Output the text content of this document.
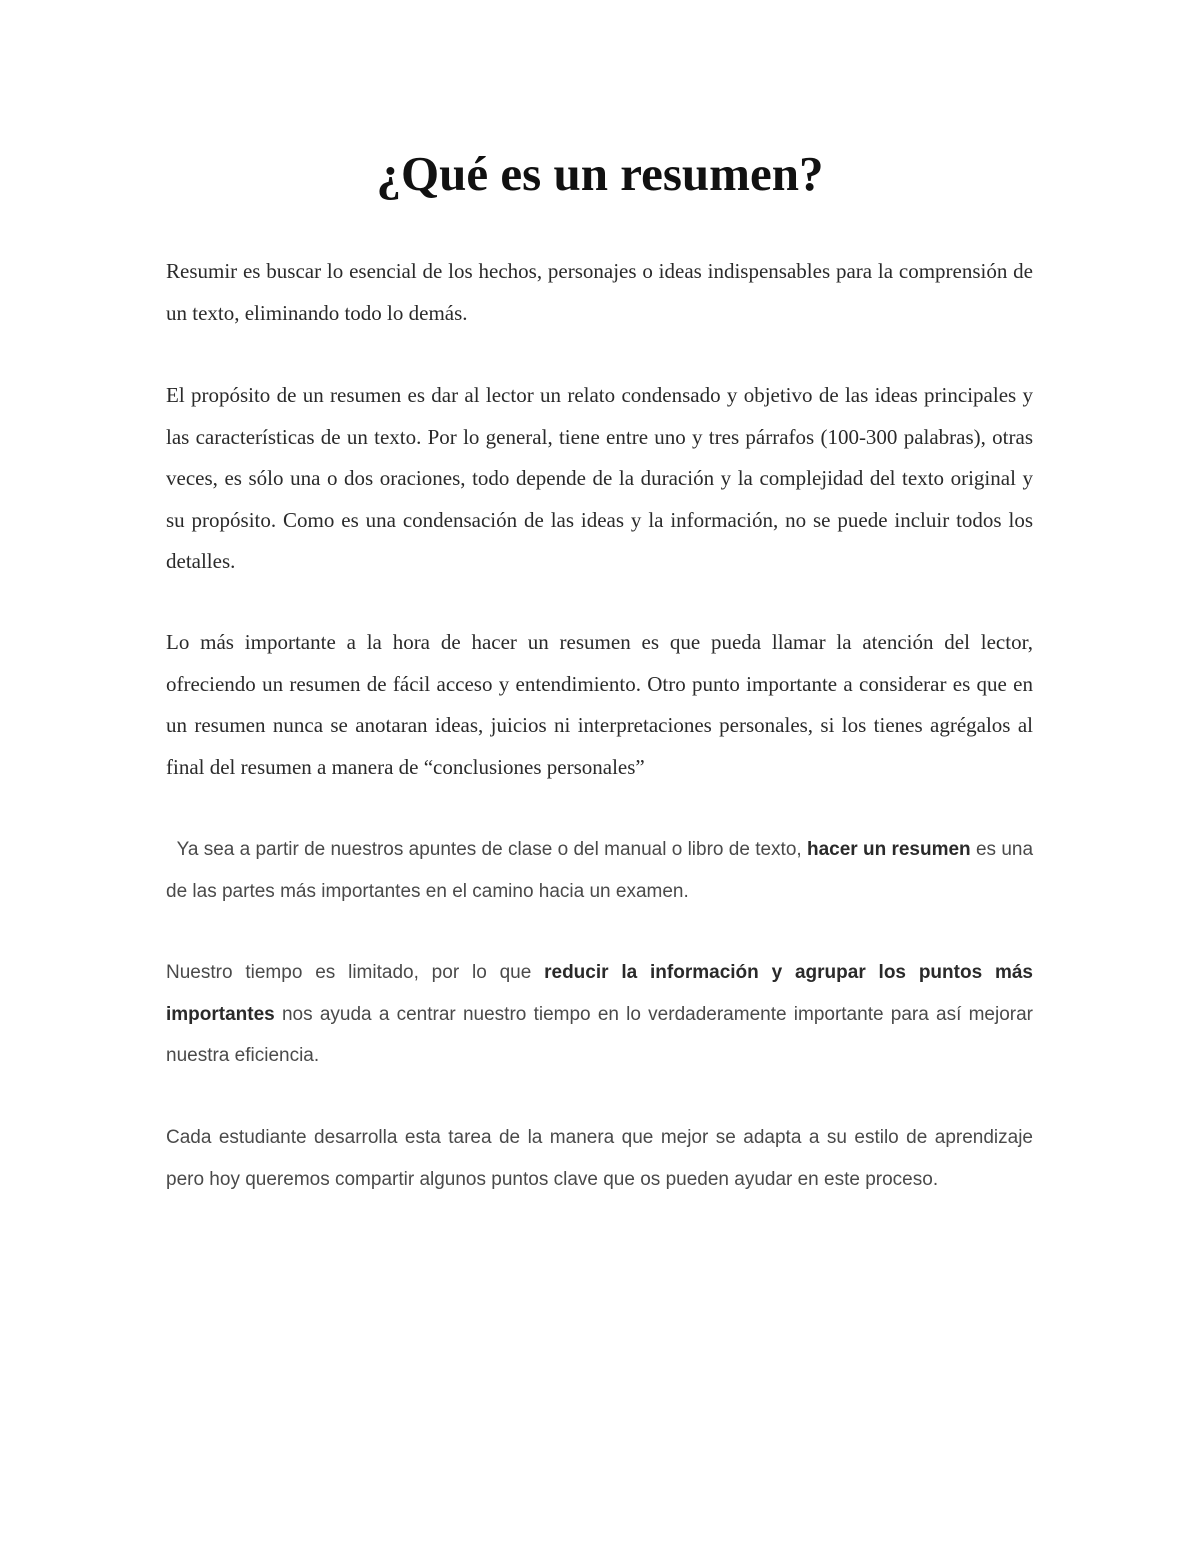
¿Qué es un resumen?

Resumir es buscar lo esencial de los hechos, personajes o ideas indispensables para la comprensión de un texto, eliminando todo lo demás.

El propósito de un resumen es dar al lector un relato condensado y objetivo de las ideas principales y las características de un texto. Por lo general, tiene entre uno y tres párrafos (100-300 palabras), otras veces, es sólo una o dos oraciones, todo depende de la duración y la complejidad del texto original y su propósito. Como es una condensación de las ideas y la información, no se puede incluir todos los detalles.

Lo más importante a la hora de hacer un resumen es que pueda llamar la atención del lector, ofreciendo un resumen de fácil acceso y entendimiento. Otro punto importante a considerar es que en un resumen nunca se anotaran ideas, juicios ni interpretaciones personales, si los tienes agrégalos al final del resumen a manera de “conclusiones personales”

Ya sea a partir de nuestros apuntes de clase o del manual o libro de texto, hacer un resumen es una de las partes más importantes en el camino hacia un examen.

Nuestro tiempo es limitado, por lo que reducir la información y agrupar los puntos más importantes nos ayuda a centrar nuestro tiempo en lo verdaderamente importante para así mejorar nuestra eficiencia.

Cada estudiante desarrolla esta tarea de la manera que mejor se adapta a su estilo de aprendizaje pero hoy queremos compartir algunos puntos clave que os pueden ayudar en este proceso.
